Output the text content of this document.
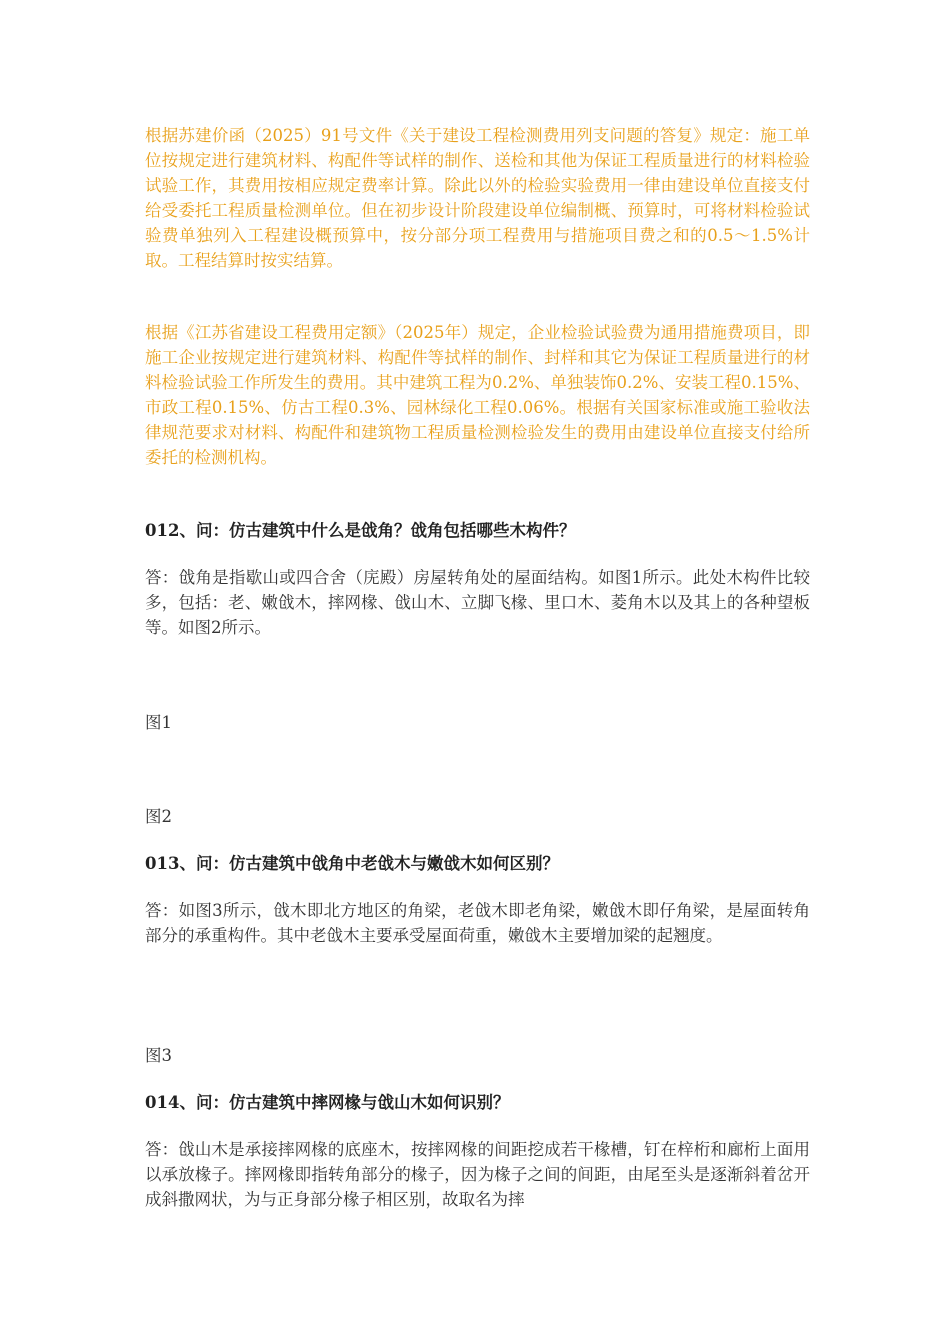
根据苏建价函（2025）91号文件《关于建设工程检测费用列支问题的答复》规定：施工单位按规定进行建筑材料、构配件等试样的制作、送检和其他为保证工程质量进行的材料检验试验工作，其费用按相应规定费率计算。除此以外的检验实验费用一律由建设单位直接支付给受委托工程质量检测单位。但在初步设计阶段建设单位编制概、预算时，可将材料检验试验费单独列入工程建设概预算中，按分部分项工程费用与措施项目费之和的0.5～1.5%计取。工程结算时按实结算。

根据《江苏省建设工程费用定额》（2025年）规定，企业检验试验费为通用措施费项目，即施工企业按规定进行建筑材料、构配件等拭样的制作、封样和其它为保证工程质量进行的材料检验试验工作所发生的费用。其中建筑工程为0.2%、单独装饰0.2%、安装工程0.15%、市政工程0.15%、仿古工程0.3%、园林绿化工程0.06%。根据有关国家标准或施工验收法律规范要求对材料、构配件和建筑物工程质量检测检验发生的费用由建设单位直接支付给所委托的检测机构。

012、问：仿古建筑中什么是戗角？戗角包括哪些木构件？

答：戗角是指歇山或四合舍（庑殿）房屋转角处的屋面结构。如图1所示。此处木构件比较多，包括：老、嫩戗木，摔网椽、戗山木、立脚飞椽、里口木、菱角木以及其上的各种望板等。如图2所示。

图1

图2

013、问：仿古建筑中戗角中老戗木与嫩戗木如何区别？

答：如图3所示，戗木即北方地区的角梁，老戗木即老角梁，嫩戗木即仔角梁，是屋面转角部分的承重构件。其中老戗木主要承受屋面荷重，嫩戗木主要增加梁的起翘度。

图3

014、问：仿古建筑中摔网椽与戗山木如何识别？

答：戗山木是承接摔网椽的底座木，按摔网椽的间距挖成若干椽槽，钉在梓桁和廊桁上面用以承放椽子。摔网椽即指转角部分的椽子，因为椽子之间的间距，由尾至头是逐渐斜着岔开成斜撒网状，为与正身部分椽子相区别，故取名为摔
